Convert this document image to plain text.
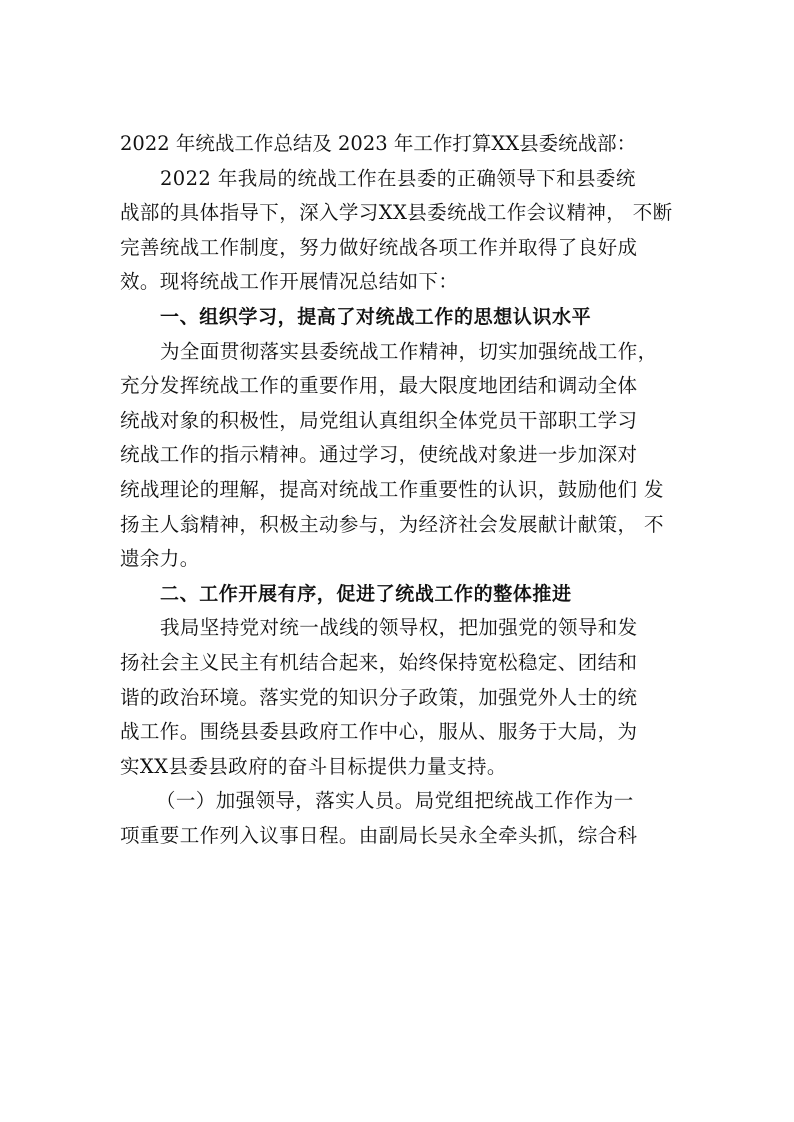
2022 年统战工作总结及 2023 年工作打算XX县委统战部：
2022 年我局的统战工作在县委的正确领导下和县委统
战部的具体指导下，深入学习XX县委统战工作会议精神， 不断
完善统战工作制度，努力做好统战各项工作并取得了良好成
效。现将统战工作开展情况总结如下：
一、组织学习，提高了对统战工作的思想认识水平
为全面贯彻落实县委统战工作精神，切实加强统战工作，
充分发挥统战工作的重要作用，最大限度地团结和调动全体
统战对象的积极性，局党组认真组织全体党员干部职工学习
统战工作的指示精神。通过学习，使统战对象进一步加深对
统战理论的理解，提高对统战工作重要性的认识，鼓励他们 发
扬主人翁精神，积极主动参与，为经济社会发展献计献策， 不
遗余力。
二、工作开展有序，促进了统战工作的整体推进
我局坚持党对统一战线的领导权，把加强党的领导和发
扬社会主义民主有机结合起来，始终保持宽松稳定、团结和
谐的政治环境。落实党的知识分子政策，加强党外人士的统
战工作。围绕县委县政府工作中心，服从、服务于大局，为
实XX县委县政府的奋斗目标提供力量支持。
（一）加强领导，落实人员。局党组把统战工作作为一
项重要工作列入议事日程。由副局长吴永全牵头抓，综合科
